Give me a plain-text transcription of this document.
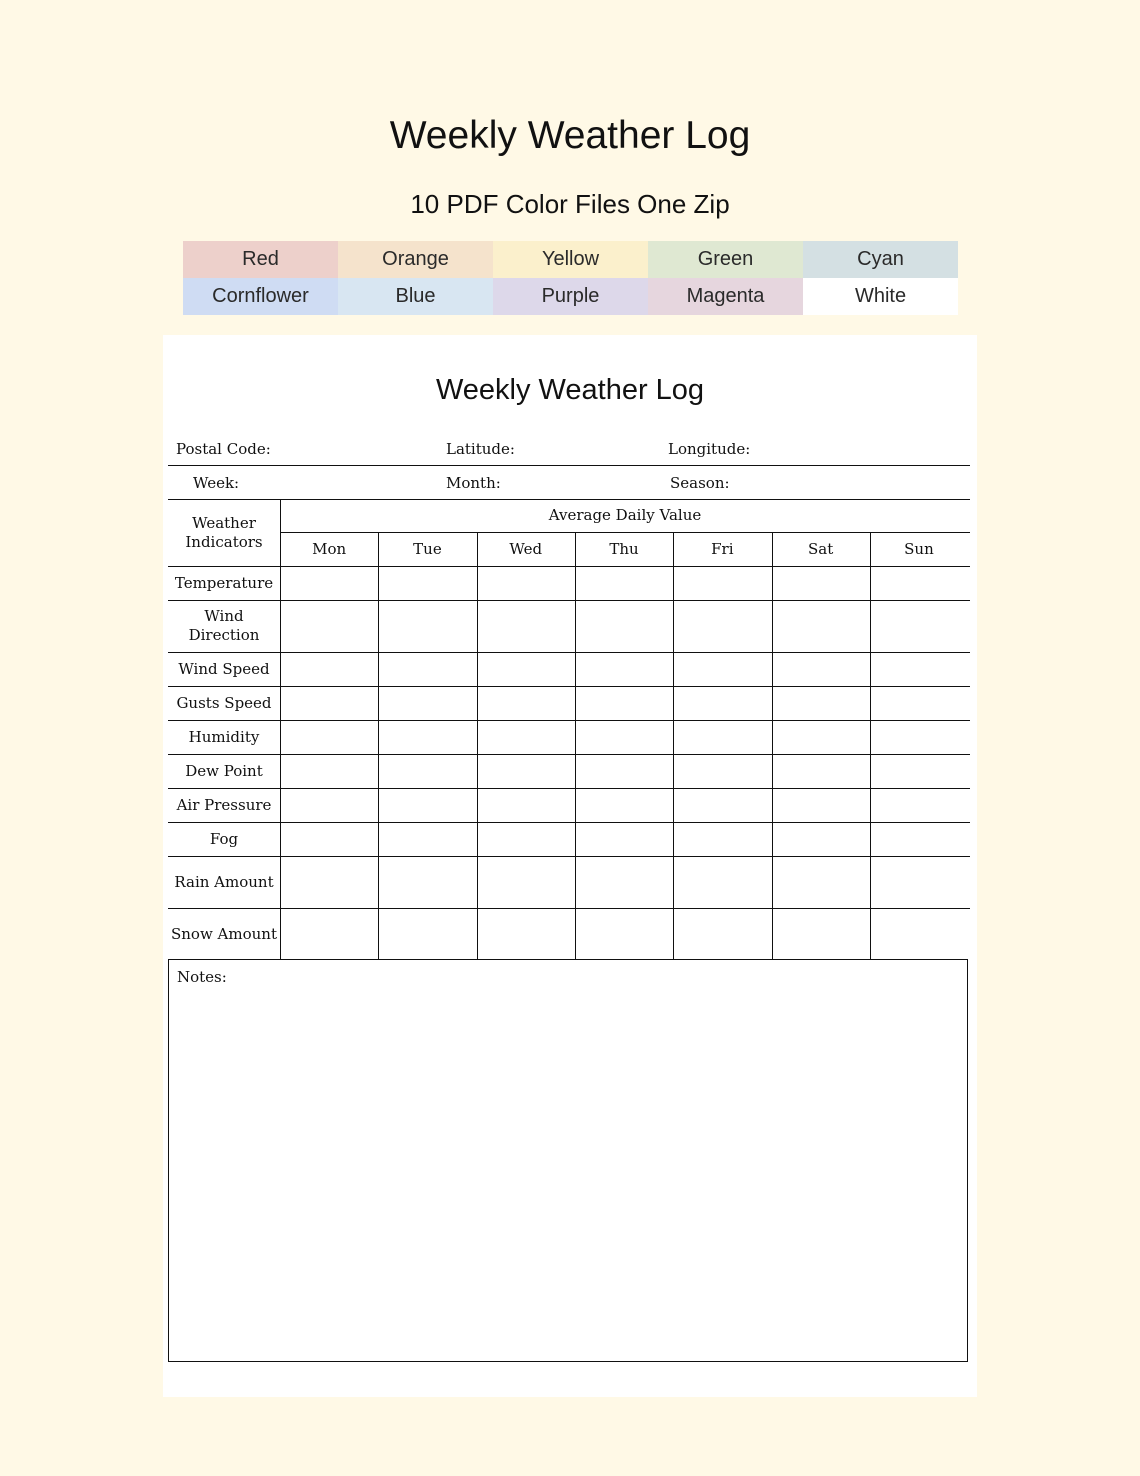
Weekly Weather Log
10 PDF Color Files One Zip
Red	Orange	Yellow	Green	Cyan
Cornflower	Blue	Purple	Magenta	White
Weekly Weather Log
Postal Code:	Latitude:	Longitude:
Week:	Month:	Season:
Weather Indicators
Average Daily Value
Mon	Tue	Wed	Thu	Fri	Sat	Sun
Temperature
Wind Direction
Wind Speed
Gusts Speed
Humidity
Dew Point
Air Pressure
Fog
Rain Amount
Snow Amount
Notes:
